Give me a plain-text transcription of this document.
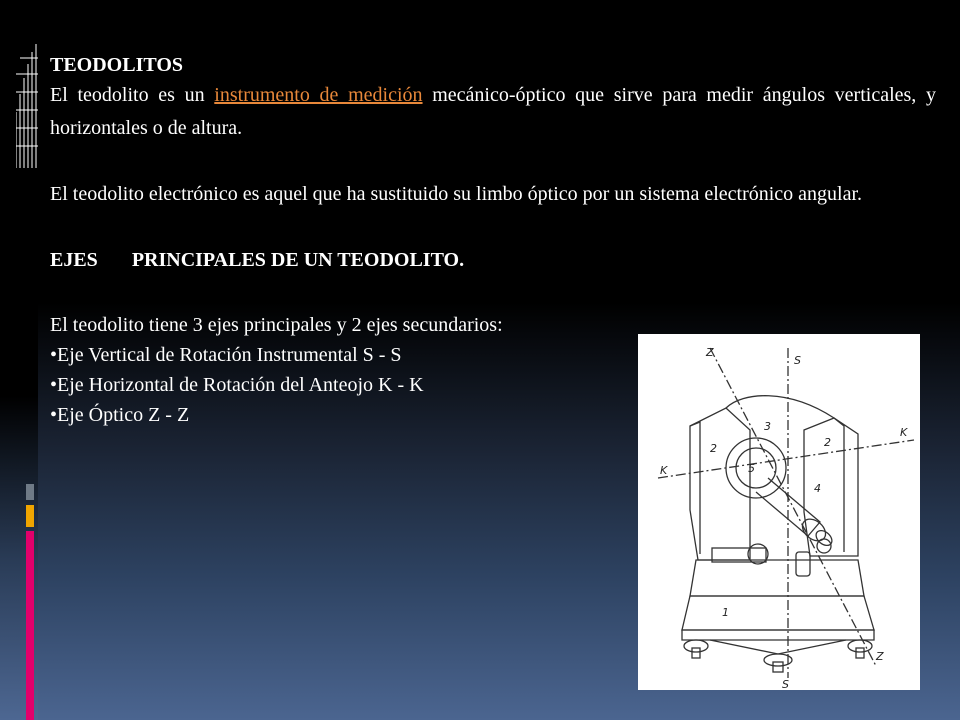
TEODOLITOS

El teodolito es un instrumento de medición mecánico-óptico que sirve para medir ángulos verticales, y horizontales o de altura.

El teodolito electrónico es aquel que ha sustituido su limbo óptico por un sistema electrónico angular.

EJES PRINCIPALES DE UN TEODOLITO.

El teodolito tiene 3 ejes principales y 2 ejes secundarios:

•Eje Vertical de Rotación Instrumental S - S

•Eje Horizontal de Rotación del Anteojo K - K

•Eje Óptico Z - Z

Z
S
K
K
Z
S
2	2
3
4
5
1
